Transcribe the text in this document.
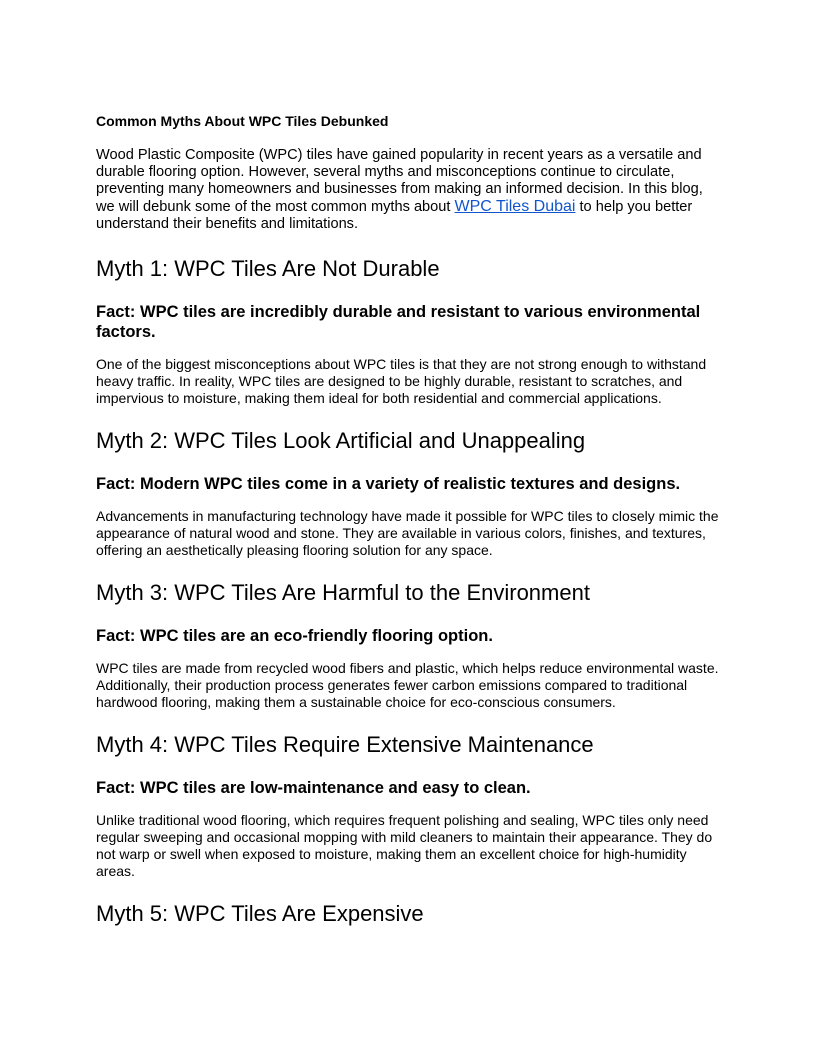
Common Myths About WPC Tiles Debunked

Wood Plastic Composite (WPC) tiles have gained popularity in recent years as a versatile and durable flooring option. However, several myths and misconceptions continue to circulate, preventing many homeowners and businesses from making an informed decision. In this blog, we will debunk some of the most common myths about WPC Tiles Dubai to help you better understand their benefits and limitations.

Myth 1: WPC Tiles Are Not Durable
Fact: WPC tiles are incredibly durable and resistant to various environmental factors.

One of the biggest misconceptions about WPC tiles is that they are not strong enough to withstand heavy traffic. In reality, WPC tiles are designed to be highly durable, resistant to scratches, and impervious to moisture, making them ideal for both residential and commercial applications.

Myth 2: WPC Tiles Look Artificial and Unappealing
Fact: Modern WPC tiles come in a variety of realistic textures and designs.

Advancements in manufacturing technology have made it possible for WPC tiles to closely mimic the appearance of natural wood and stone. They are available in various colors, finishes, and textures, offering an aesthetically pleasing flooring solution for any space.

Myth 3: WPC Tiles Are Harmful to the Environment
Fact: WPC tiles are an eco-friendly flooring option.

WPC tiles are made from recycled wood fibers and plastic, which helps reduce environmental waste. Additionally, their production process generates fewer carbon emissions compared to traditional hardwood flooring, making them a sustainable choice for eco-conscious consumers.

Myth 4: WPC Tiles Require Extensive Maintenance
Fact: WPC tiles are low-maintenance and easy to clean.

Unlike traditional wood flooring, which requires frequent polishing and sealing, WPC tiles only need regular sweeping and occasional mopping with mild cleaners to maintain their appearance. They do not warp or swell when exposed to moisture, making them an excellent choice for high-humidity areas.

Myth 5: WPC Tiles Are Expensive
